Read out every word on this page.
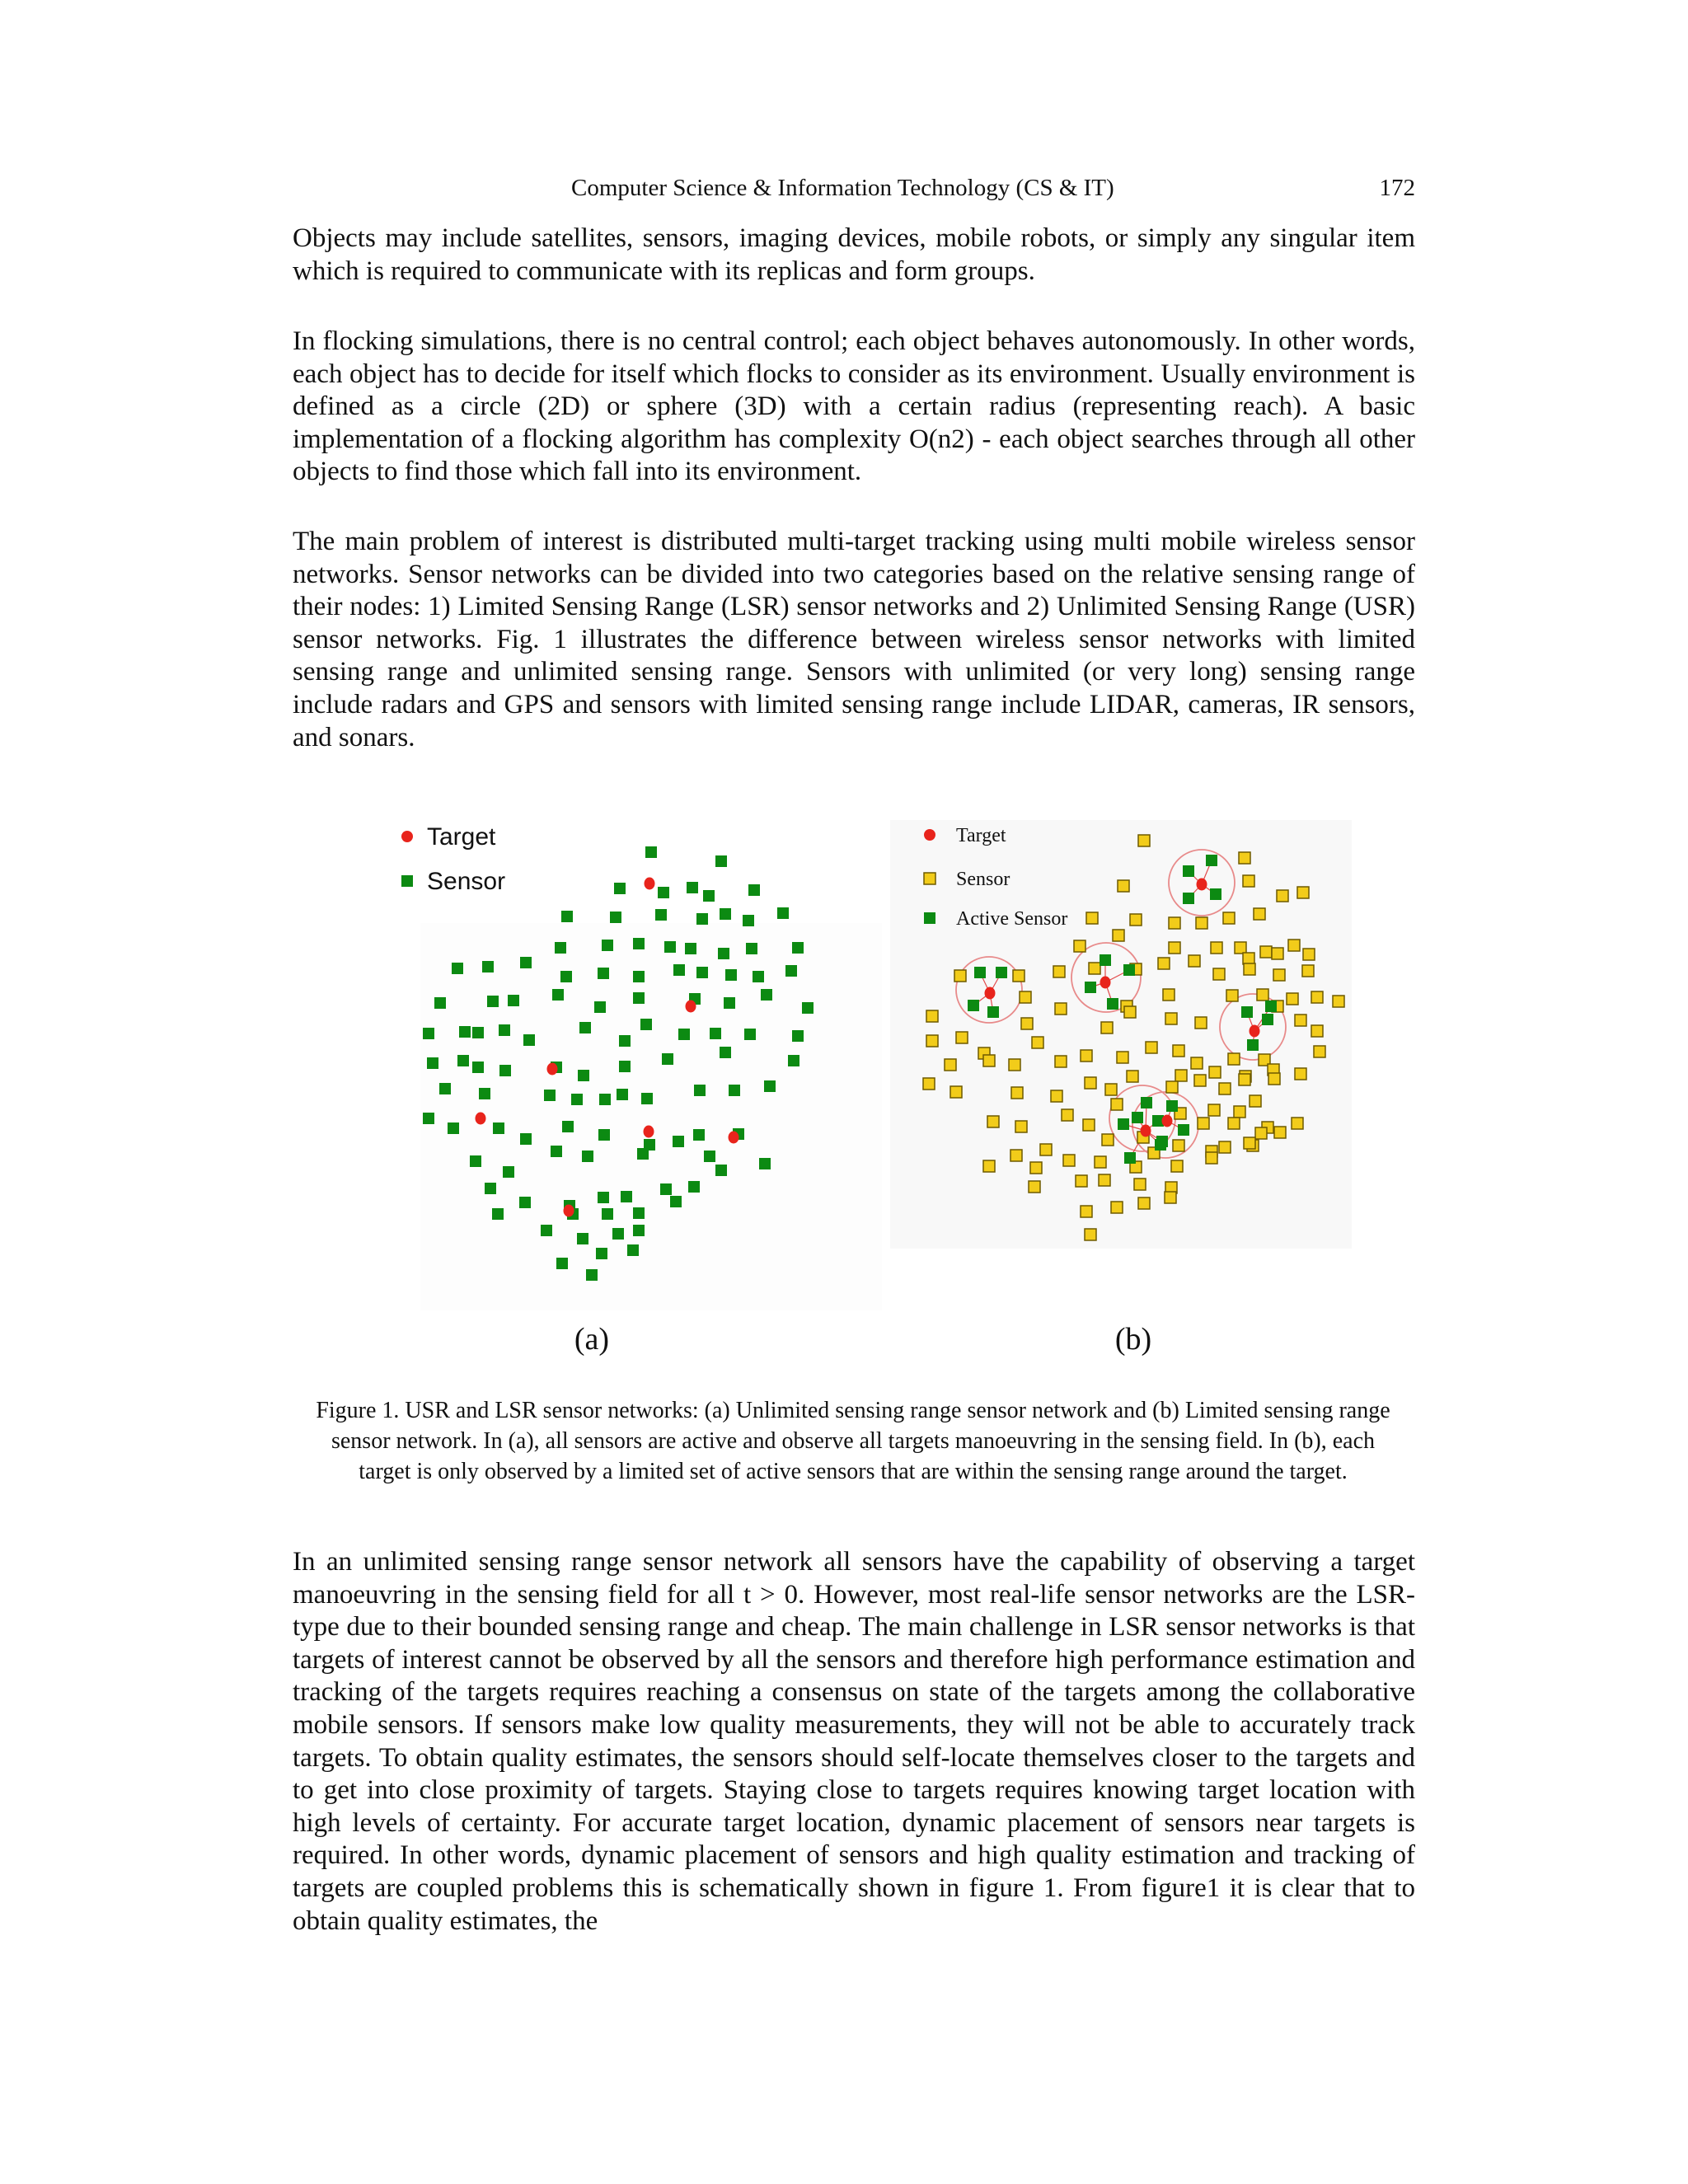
Computer Science & Information Technology (CS & IT)	172

Objects may include satellites, sensors, imaging devices, mobile robots, or simply any singular item which is required to communicate with its replicas and form groups.

In flocking simulations, there is no central control; each object behaves autonomously. In other words, each object has to decide for itself which flocks to consider as its environment. Usually environment is defined as a circle (2D) or sphere (3D) with a certain radius (representing reach). A basic implementation of a flocking algorithm has complexity O(n2) - each object searches through all other objects to find those which fall into its environment.

The main problem of interest is distributed multi-target tracking using multi mobile wireless sensor networks. Sensor networks can be divided into two categories based on the relative sensing range of their nodes: 1) Limited Sensing Range (LSR) sensor networks and 2) Unlimited Sensing Range (USR) sensor networks. Fig. 1 illustrates the difference between wireless sensor networks with limited sensing range and unlimited sensing range. Sensors with unlimited (or very long) sensing range include radars and GPS and sensors with limited sensing range include LIDAR, cameras, IR sensors, and sonars.

Target
Sensor
(a)
Target
Sensor
Active Sensor
(b)

Figure 1. USR and LSR sensor networks: (a) Unlimited sensing range sensor network and (b) Limited sensing range sensor network. In (a), all sensors are active and observe all targets manoeuvring in the sensing field. In (b), each target is only observed by a limited set of active sensors that are within the sensing range around the target.

In an unlimited sensing range sensor network all sensors have the capability of observing a target manoeuvring in the sensing field for all t > 0. However, most real-life sensor networks are the LSR-type due to their bounded sensing range and cheap. The main challenge in LSR sensor networks is that targets of interest cannot be observed by all the sensors and therefore high performance estimation and tracking of the targets requires reaching a consensus on state of the targets among the collaborative mobile sensors. If sensors make low quality measurements, they will not be able to accurately track targets. To obtain quality estimates, the sensors should self-locate themselves closer to the targets and to get into close proximity of targets. Staying close to targets requires knowing target location with high levels of certainty. For accurate target location, dynamic placement of sensors near targets is required. In other words, dynamic placement of sensors and high quality estimation and tracking of targets are coupled problems this is schematically shown in figure 1. From figure1 it is clear that to obtain quality estimates, the
